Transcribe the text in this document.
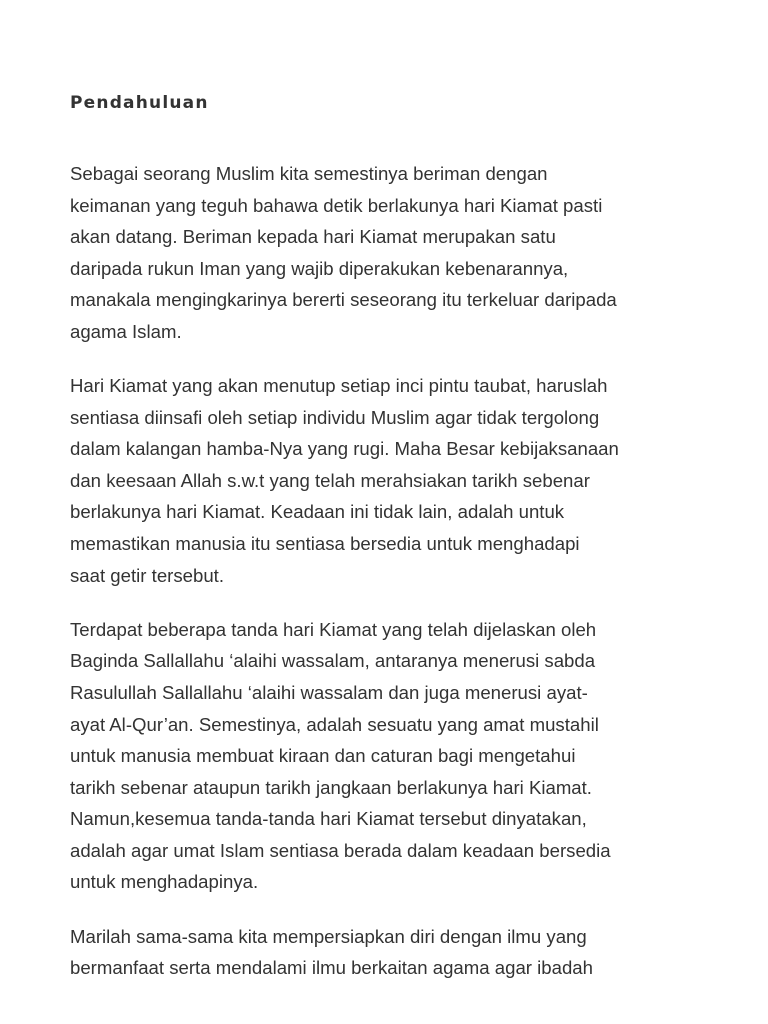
Pendahuluan

Sebagai seorang Muslim kita semestinya beriman dengan
keimanan yang teguh bahawa detik berlakunya hari Kiamat pasti
akan datang. Beriman kepada hari Kiamat merupakan satu
daripada rukun Iman yang wajib diperakukan kebenarannya,
manakala mengingkarinya bererti seseorang itu terkeluar daripada
agama Islam.

Hari Kiamat yang akan menutup setiap inci pintu taubat, haruslah
sentiasa diinsafi oleh setiap individu Muslim agar tidak tergolong
dalam kalangan hamba-Nya yang rugi. Maha Besar kebijaksanaan
dan keesaan Allah s.w.t yang telah merahsiakan tarikh sebenar
berlakunya hari Kiamat. Keadaan ini tidak lain, adalah untuk
memastikan manusia itu sentiasa bersedia untuk menghadapi
saat getir tersebut.

Terdapat beberapa tanda hari Kiamat yang telah dijelaskan oleh
Baginda Sallallahu ‘alaihi wassalam, antaranya menerusi sabda
Rasulullah Sallallahu ‘alaihi wassalam dan juga menerusi ayat-
ayat Al-Qur’an. Semestinya, adalah sesuatu yang amat mustahil
untuk manusia membuat kiraan dan caturan bagi mengetahui
tarikh sebenar ataupun tarikh jangkaan berlakunya hari Kiamat.
Namun,kesemua tanda-tanda hari Kiamat tersebut dinyatakan,
adalah agar umat Islam sentiasa berada dalam keadaan bersedia
untuk menghadapinya.

Marilah sama-sama kita mempersiapkan diri dengan ilmu yang
bermanfaat serta mendalami ilmu berkaitan agama agar ibadah
